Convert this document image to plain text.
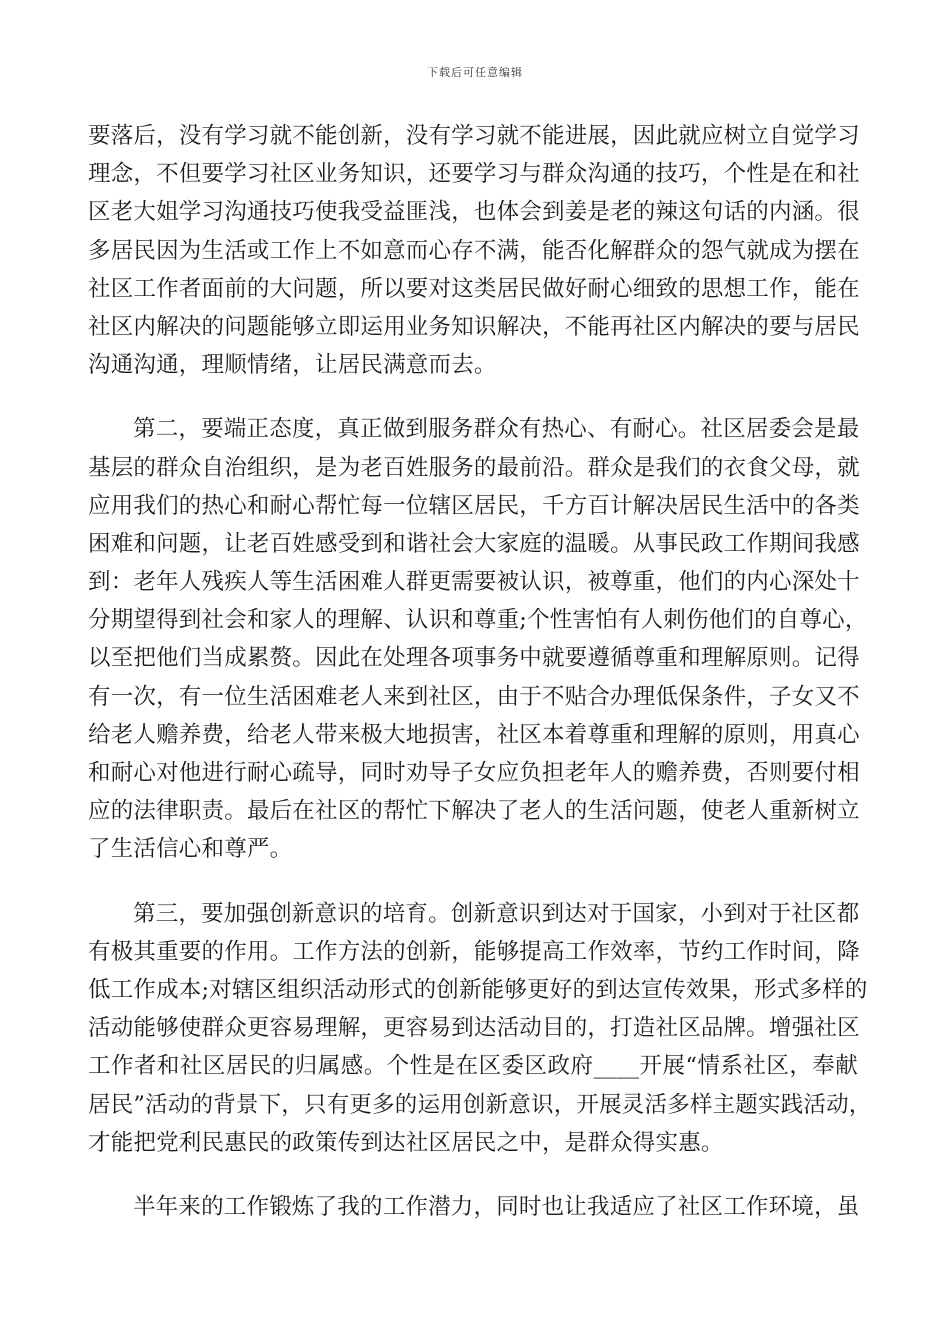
下载后可任意编辑
要落后，没有学习就不能创新，没有学习就不能进展，因此就应树立自觉学习
理念，不但要学习社区业务知识，还要学习与群众沟通的技巧，个性是在和社
区老大姐学习沟通技巧使我受益匪浅，也体会到姜是老的辣这句话的内涵。很
多居民因为生活或工作上不如意而心存不满，能否化解群众的怨气就成为摆在
社区工作者面前的大问题，所以要对这类居民做好耐心细致的思想工作，能在
社区内解决的问题能够立即运用业务知识解决，不能再社区内解决的要与居民
沟通沟通，理顺情绪，让居民满意而去。
第二，要端正态度，真正做到服务群众有热心、有耐心。社区居委会是最
基层的群众自治组织，是为老百姓服务的最前沿。群众是我们的衣食父母，就
应用我们的热心和耐心帮忙每一位辖区居民，千方百计解决居民生活中的各类
困难和问题，让老百姓感受到和谐社会大家庭的温暖。从事民政工作期间我感
到：老年人残疾人等生活困难人群更需要被认识，被尊重，他们的内心深处十
分期望得到社会和家人的理解、认识和尊重;个性害怕有人刺伤他们的自尊心，
以至把他们当成累赘。因此在处理各项事务中就要遵循尊重和理解原则。记得
有一次，有一位生活困难老人来到社区，由于不贴合办理低保条件，子女又不
给老人赡养费，给老人带来极大地损害，社区本着尊重和理解的原则，用真心
和耐心对他进行耐心疏导，同时劝导子女应负担老年人的赡养费，否则要付相
应的法律职责。最后在社区的帮忙下解决了老人的生活问题，使老人重新树立
了生活信心和尊严。
第三，要加强创新意识的培育。创新意识到达对于国家，小到对于社区都
有极其重要的作用。工作方法的创新，能够提高工作效率，节约工作时间，降
低工作成本;对辖区组织活动形式的创新能够更好的到达宣传效果，形式多样的
活动能够使群众更容易理解，更容易到达活动目的，打造社区品牌。增强社区
工作者和社区居民的归属感。个性是在区委区政府____开展“情系社区，奉献
居民”活动的背景下，只有更多的运用创新意识，开展灵活多样主题实践活动，
才能把党利民惠民的政策传到达社区居民之中，是群众得实惠。
半年来的工作锻炼了我的工作潜力，同时也让我适应了社区工作环境，虽
